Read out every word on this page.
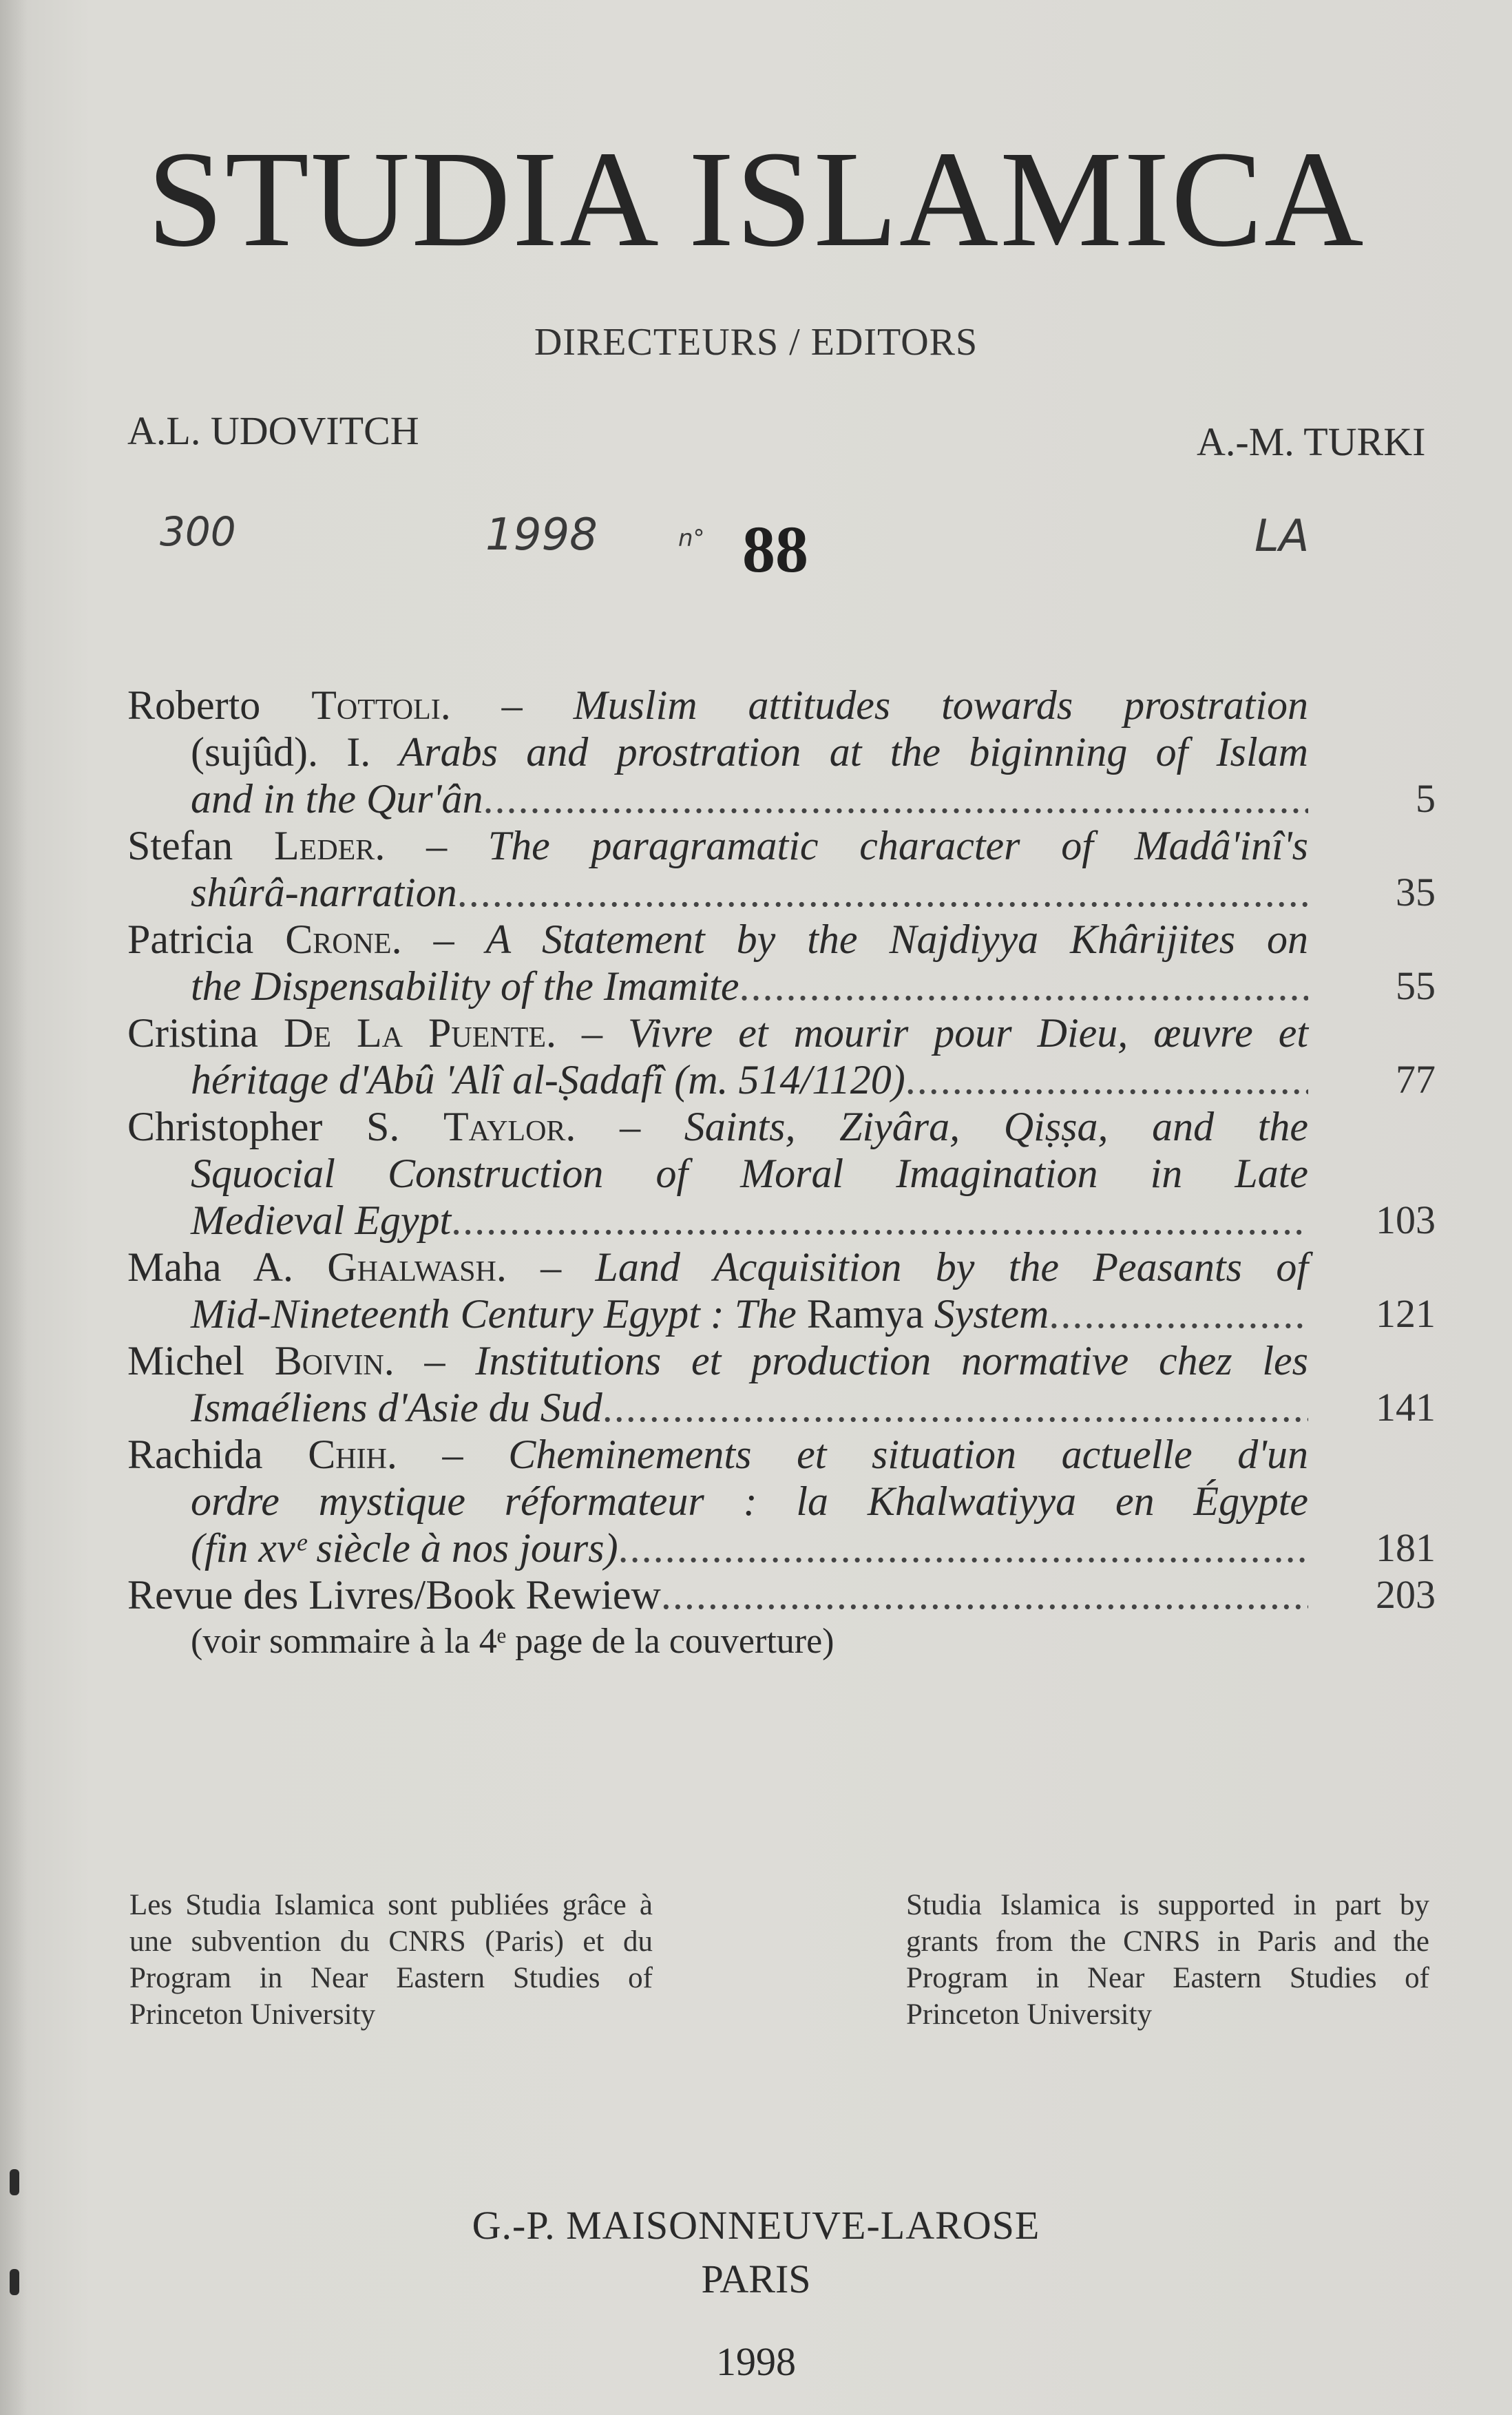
STUDIA ISLAMICA
DIRECTEURS / EDITORS
A.L. UDOVITCH	A.-M. TURKI
300	1998	n° 88	LA
Roberto Tottoli. – Muslim attitudes towards prostration
(sujûd). I. Arabs and prostration at the biginning of Islam
and in the Qur'ân .....	5
Stefan Leder. – The paragramatic character of Madâ'inî's
shûrâ-narration .....	35
Patricia Crone. – A Statement by the Najdiyya Khârijites on
the Dispensability of the Imamite .....	55
Cristina De La Puente. – Vivre et mourir pour Dieu, œuvre et
héritage d'Abû 'Alî al-Ṣadafî (m. 514/1120) .....	77
Christopher S. Taylor. – Saints, Ziyâra, Qiṣṣa, and the
Squocial Construction of Moral Imagination in Late
Medieval Egypt .....	103
Maha A. Ghalwash. – Land Acquisition by the Peasants of
Mid-Nineteenth Century Egypt : The Ramya System .....	121
Michel Boivin. – Institutions et production normative chez les
Ismaéliens d'Asie du Sud .....	141
Rachida Chih. – Cheminements et situation actuelle d'un
ordre mystique réformateur : la Khalwatiyya en Égypte
(fin xvᵉ siècle à nos jours) .....	181
Revue des Livres/Book Rewiew .....	203
(voir sommaire à la 4ᵉ page de la couverture)
Les Studia Islamica sont publiées grâce à une subvention du CNRS (Paris) et du Program in Near Eastern Studies of Princeton University
Studia Islamica is supported in part by grants from the CNRS in Paris and the Program in Near Eastern Studies of Princeton University
G.-P. MAISONNEUVE-LAROSE
PARIS
1998
